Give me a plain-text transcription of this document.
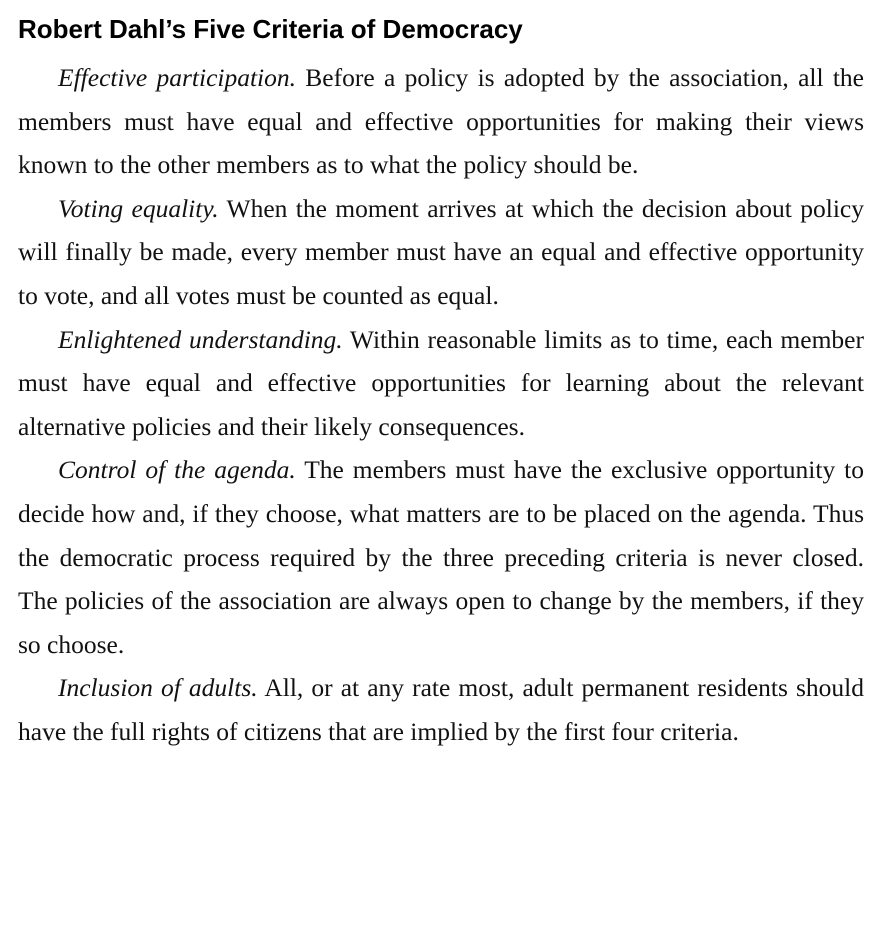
Robert Dahl’s Five Criteria of Democracy

Effective participation. Before a policy is adopted by the association, all the members must have equal and effective opportunities for making their views known to the other members as to what the policy should be.

Voting equality. When the moment arrives at which the decision about policy will finally be made, every member must have an equal and effective opportunity to vote, and all votes must be counted as equal.

Enlightened understanding. Within reasonable limits as to time, each member must have equal and effective opportunities for learning about the relevant alternative policies and their likely consequences.

Control of the agenda. The members must have the exclusive opportunity to decide how and, if they choose, what matters are to be placed on the agenda. Thus the democratic process required by the three preceding criteria is never closed. The policies of the association are always open to change by the members, if they so choose.

Inclusion of adults. All, or at any rate most, adult permanent residents should have the full rights of citizens that are implied by the first four criteria.
